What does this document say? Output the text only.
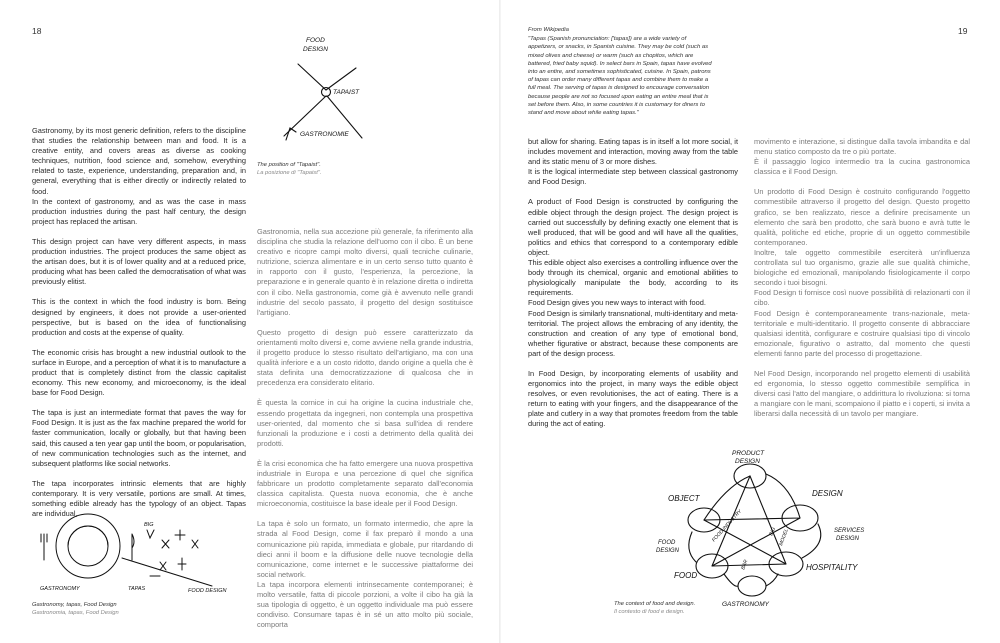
18
FOOD
DESIGN
TAPAIST
GASTRONOMIE
The position of "Tapaist".
La posizione di "Tapaist".

Gastronomy, by its most generic definition, refers to the discipline that studies the relationship between man and food. It is a creative entity, and covers areas as diverse as cooking techniques, nutrition, food science and, somehow, everything related to taste, experience, understanding, preparation and, in general, everything that is either directly or indirectly related to food.
In the context of gastronomy, and as was the case in mass production industries during the past half century, the design project has replaced the artisan.

This design project can have very different aspects, in mass production industries. The project produces the same object as the artisan does, but it is of lower quality and at a reduced price, producing what has been called the democratisation of what was previously elitist.

This is the context in which the food industry is born. Being designed by engineers, it does not provide a user-oriented perspective, but is based on the idea of functionalising production and costs at the expense of quality.

The economic crisis has brought a new industrial outlook to the surface in Europe, and a perception of what it is to manufacture a product that is completely distinct from the classic capitalist economy. This new economy, and microeconomy, is the ideal base for Food Design.

The tapa is just an intermediate format that paves the way for Food Design. It is just as the fax machine prepared the world for faster communication, locally or globally, but that having been said, this caused a ten year gap until the boom, or popularisation, of new communication technologies such as the internet, and subsequent platforms like social networks.

The tapa incorporates intrinsic elements that are highly contemporary. It is very versatile, portions are small. At times, something edible already has the typology of an object. Tapas are individual,

BIG
GASTRONOMY	TAPAS	FOOD DESIGN
Gastronomy, tapas, Food Design
Gastronomia, tapas, Food Design

Gastronomia, nella sua accezione più generale, fa riferimento alla disciplina che studia la relazione dell'uomo con il cibo. È un bene creativo e ricopre campi molto diversi, quali tecniche culinarie, nutrizione, scienza alimentare e in un certo senso tutto quanto è in rapporto con il gusto, l'esperienza, la percezione, la preparazione e in generale quanto è in relazione diretta o indiretta con il cibo. Nella gastronomia, come già è avvenuto nelle grandi industrie del secolo passato, il progetto del design sostituisce l'artigiano.

Questo progetto di design può essere caratterizzato da orientamenti molto diversi e, come avviene nella grande industria, il progetto produce lo stesso risultato dell'artigiano, ma con una qualità inferiore e a un costo ridotto, dando origine a quella che è stata definita una democratizzazione di qualcosa che in precedenza era considerato elitario.

È questa la cornice in cui ha origine la cucina industriale che, essendo progettata da ingegneri, non contempla una prospettiva user-oriented, dal momento che si basa sull'idea di rendere funzionali la produzione e i costi a detrimento della qualità dei prodotti.

È la crisi economica che ha fatto emergere una nuova prospettiva industriale in Europa e una percezione di quel che significa fabbricare un prodotto completamente separato dall'economia classica capitalista. Questa nuova economia, che è anche microeconomia, costituisce la base ideale per il Food Design.

La tapa è solo un formato, un formato intermedio, che apre la strada al Food Design, come il fax preparò il mondo a una comunicazione più rapida, immediata e globale, pur ritardando di dieci anni il boom e la diffusione delle nuove tecnologie della comunicazione, come internet e le successive piattaforme dei social network.
La tapa incorpora elementi intrinsecamente contemporanei; è molto versatile, fatta di piccole porzioni, a volte il cibo ha già la sua tipologia di oggetto, è un oggetto individuale ma può essere condiviso. Consumare tapas è in sé un atto molto più sociale, comporta

19

From Wikipedia

"Tapas (Spanish pronunciation: ['tapas]) are a wide variety of appetizers, or snacks, in Spanish cuisine. They may be cold (such as mixed olives and cheese) or warm (such as chopitos, which are battered, fried baby squid). In select bars in Spain, tapas have evolved into an entire, and sometimes sophisticated, cuisine. In Spain, patrons of tapas can order many different tapas and combine them to make a full meal. The serving of tapas is designed to encourage conversation because people are not so focused upon eating an entire meal that is set before them. Also, in some countries it is customary for diners to stand and move about while eating tapas."

but allow for sharing. Eating tapas is in itself a lot more social, it includes movement and interaction, moving away from the table and its static menu of 3 or more dishes.
It is the logical intermediate step between classical gastronomy and Food Design.

A product of Food Design is constructed by configuring the edible object through the design project. The design project is carried out successfully by defining exactly one element that is well produced, that will be good and will have all the qualities, politics and ethics that correspond to a contemporary edible object.
This edible object also exercises a controlling influence over the body through its chemical, organic and emotional abilities to physiologically manipulate the body, according to its requirements.
Food Design gives you new ways to interact with food.
Food Design is similarly transnational, multi-identitary and meta-territorial. The project allows the embracing of any identity, the construction and creation of any type of emotional bond, whether figurative or abstract, because these components are part of the design process.

In Food Design, by incorporating elements of usability and ergonomics into the project, in many ways the edible object resolves, or even revolutionises, the act of eating. There is a return to eating with your fingers, and the disappearance of the plate and cutlery in a way that promotes freedom from the table during the act of eating.

movimento e interazione, si distingue dalla tavola imbandita e dal menu statico composto da tre o più portate.
È il passaggio logico intermedio tra la cucina gastronomica classica e il Food Design.

Un prodotto di Food Design è costruito configurando l'oggetto commestibile attraverso il progetto del design. Questo progetto grafico, se ben realizzato, riesce a definire precisamente un elemento che sarà ben prodotto, che sarà buono e avrà tutte le qualità, politiche ed etiche, proprie di un oggetto commestibile contemporaneo.
Inoltre, tale oggetto commestibile eserciterà un'influenza controllata sul tuo organismo, grazie alle sue qualità chimiche, biologiche ed emozionali, manipolando fisiologicamente il corpo secondo i tuoi bisogni.
Food Design ti fornisce così nuove possibilità di relazionarti con il cibo.
Food Design è contemporaneamente trans-nazionale, meta-territoriale e multi-identitario. Il progetto consente di abbracciare qualsiasi identità, configurare e costruire qualsiasi tipo di vincolo emozionale, figurativo o astratto, dal momento che questi elementi fanno parte del processo di progettazione.

Nel Food Design, incorporando nel progetto elementi di usabilità ed ergonomia, lo stesso oggetto commestibile semplifica in diversi casi l'atto del mangiare, o addirittura lo rivoluziona: si torna a mangiare con le mani, scompaiono il piatto e i coperti, si invita a liberarsi dalla necessità di un tavolo per mangiare.

PRODUCT
DESIGN
OBJECT
DESIGN
FOOD
DESIGN
SERVICES
DESIGN
FOOD
HOSPITALITY
GASTRONOMY
FOOD INDUSTRY	BIG MODEL
BAR
The context of food and design.
Il contesto di food e design.
